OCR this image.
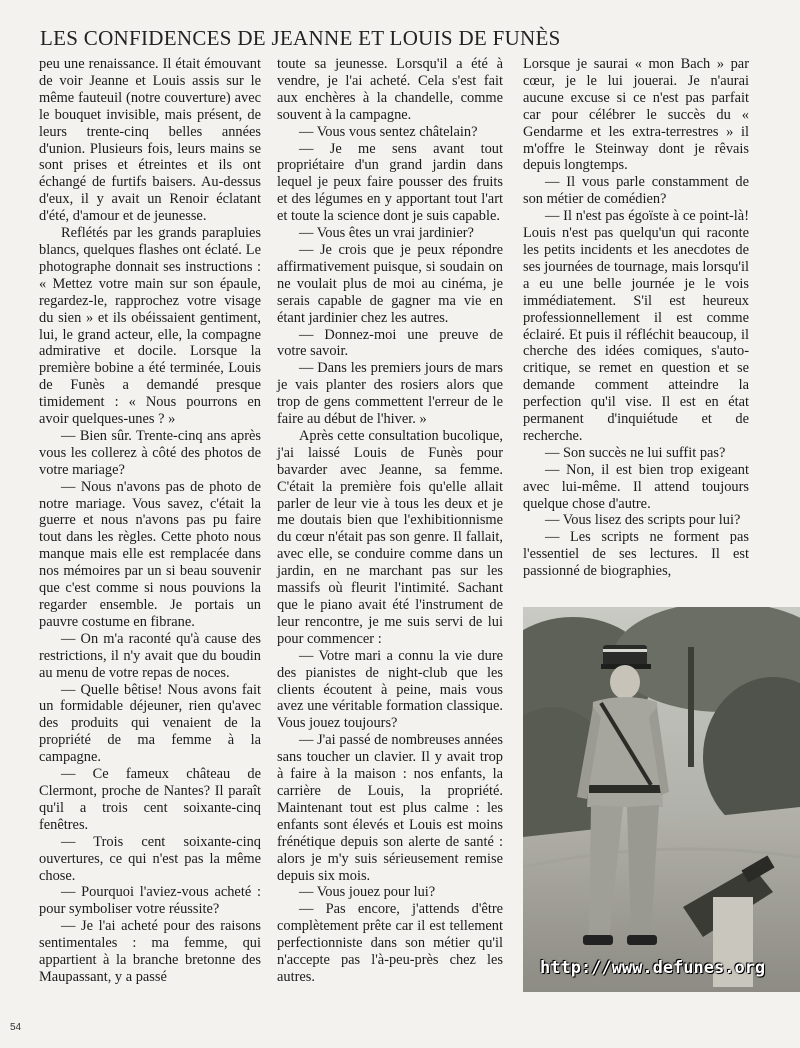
LES CONFIDENCES DE JEANNE ET LOUIS DE FUNÈS

peu une renaissance. Il était émouvant de voir Jeanne et Louis assis sur le même fauteuil (notre couverture) avec le bouquet invisible, mais présent, de leurs trente-cinq belles années d'union. Plusieurs fois, leurs mains se sont prises et étreintes et ils ont échangé de furtifs baisers. Au-dessus d'eux, il y avait un Renoir éclatant d'été, d'amour et de jeunesse.

Reflétés par les grands parapluies blancs, quelques flashes ont éclaté. Le photographe donnait ses instructions : « Mettez votre main sur son épaule, regardez-le, rapprochez votre visage du sien » et ils obéissaient gentiment, lui, le grand acteur, elle, la compagne admirative et docile. Lorsque la première bobine a été terminée, Louis de Funès a demandé presque timidement : « Nous pourrons en avoir quelques-unes ? »

— Bien sûr. Trente-cinq ans après vous les collerez à côté des photos de votre mariage?

— Nous n'avons pas de photo de notre mariage. Vous savez, c'était la guerre et nous n'avons pas pu faire tout dans les règles. Cette photo nous manque mais elle est remplacée dans nos mémoires par un si beau souvenir que c'est comme si nous pouvions la regarder ensemble. Je portais un pauvre costume en fibrane.

— On m'a raconté qu'à cause des restrictions, il n'y avait que du boudin au menu de votre repas de noces.

— Quelle bêtise! Nous avons fait un formidable déjeuner, rien qu'avec des produits qui venaient de la propriété de ma femme à la campagne.

— Ce fameux château de Clermont, proche de Nantes? Il paraît qu'il a trois cent soixante-cinq fenêtres.

— Trois cent soixante-cinq ouvertures, ce qui n'est pas la même chose.

— Pourquoi l'aviez-vous acheté : pour symboliser votre réussite?

— Je l'ai acheté pour des raisons sentimentales : ma femme, qui appartient à la branche bretonne des Maupassant, y a passé

toute sa jeunesse. Lorsqu'il a été à vendre, je l'ai acheté. Cela s'est fait aux enchères à la chandelle, comme souvent à la campagne.

— Vous vous sentez châtelain?

— Je me sens avant tout propriétaire d'un grand jardin dans lequel je peux faire pousser des fruits et des légumes en y apportant tout l'art et toute la science dont je suis capable.

— Vous êtes un vrai jardinier?

— Je crois que je peux répondre affirmativement puisque, si soudain on ne voulait plus de moi au cinéma, je serais capable de gagner ma vie en étant jardinier chez les autres.

— Donnez-moi une preuve de votre savoir.

— Dans les premiers jours de mars je vais planter des rosiers alors que trop de gens commettent l'erreur de le faire au début de l'hiver. »

Après cette consultation bucolique, j'ai laissé Louis de Funès pour bavarder avec Jeanne, sa femme. C'était la première fois qu'elle allait parler de leur vie à tous les deux et je me doutais bien que l'exhibitionnisme du cœur n'était pas son genre. Il fallait, avec elle, se conduire comme dans un jardin, en ne marchant pas sur les massifs où fleurit l'intimité. Sachant que le piano avait été l'instrument de leur rencontre, je me suis servi de lui pour commencer :

— Votre mari a connu la vie dure des pianistes de night-club que les clients écoutent à peine, mais vous avez une véritable formation classique. Vous jouez toujours?

— J'ai passé de nombreuses années sans toucher un clavier. Il y avait trop à faire à la maison : nos enfants, la carrière de Louis, la propriété. Maintenant tout est plus calme : les enfants sont élevés et Louis est moins frénétique depuis son alerte de santé : alors je m'y suis sérieusement remise depuis six mois.

— Vous jouez pour lui?

— Pas encore, j'attends d'être complètement prête car il est tellement perfectionniste dans son métier qu'il n'accepte pas l'à-peu-près chez les autres.

Lorsque je saurai « mon Bach » par cœur, je le lui jouerai. Je n'aurai aucune excuse si ce n'est pas parfait car pour célébrer le succès du « Gendarme et les extra-terrestres » il m'offre le Steinway dont je rêvais depuis longtemps.

— Il vous parle constamment de son métier de comédien?

— Il n'est pas égoïste à ce point-là! Louis n'est pas quelqu'un qui raconte les petits incidents et les anecdotes de ses journées de tournage, mais lorsqu'il a eu une belle journée je le vois immédiatement. S'il est heureux professionnellement il est comme éclairé. Et puis il réfléchit beaucoup, il cherche des idées comiques, s'auto-critique, se remet en question et se demande comment atteindre la perfection qu'il vise. Il est en état permanent d'inquiétude et de recherche.

— Son succès ne lui suffit pas?

— Non, il est bien trop exigeant avec lui-même. Il attend toujours quelque chose d'autre.

— Vous lisez des scripts pour lui?

— Les scripts ne forment pas l'essentiel de ses lectures. Il est passionné de biographies,

http://www.defunes.org
54
